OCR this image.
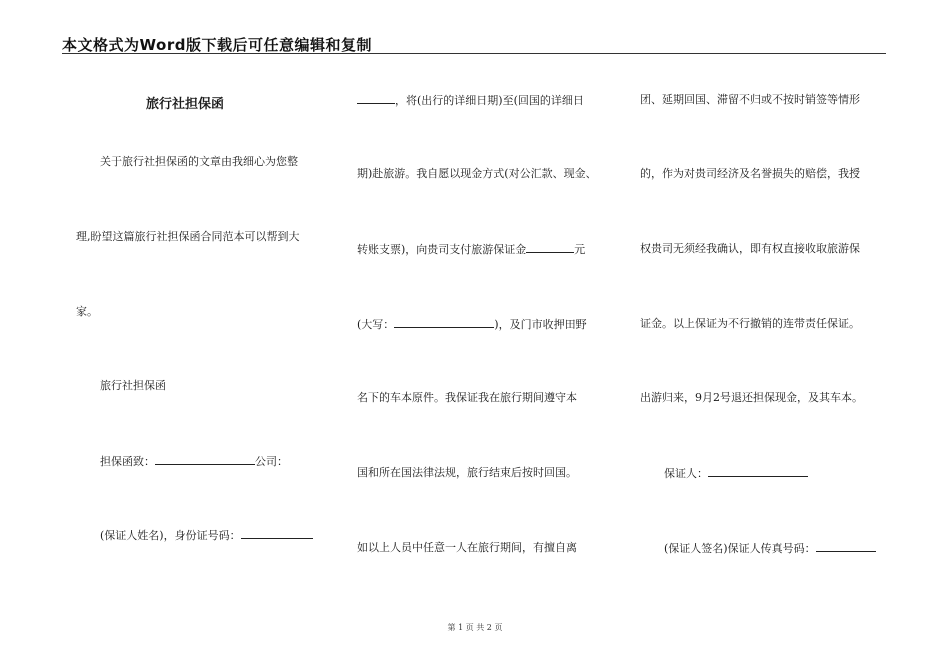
本文格式为Word版下载后可任意编辑和复制
旅行社担保函
关于旅行社担保函的文章由我细心为您整
理,盼望这篇旅行社担保函合同范本可以帮到大
家。
旅行社担保函
担保函致：	公司：
(保证人姓名)，身份证号码：
，将(出行的详细日期)至(回国的详细日
期)赴旅游。我自愿以现金方式(对公汇款、现金、
转账支票)，向贵司支付旅游保证金	元
(大写：	)，及门市收押田野
名下的车本原件。我保证我在旅行期间遵守本
国和所在国法律法规，旅行结束后按时回国。
如以上人员中任意一人在旅行期间，有擅自离
团、延期回国、滞留不归或不按时销签等情形
的，作为对贵司经济及名誉损失的赔偿，我授
权贵司无须经我确认，即有权直接收取旅游保
证金。以上保证为不行撤销的连带责任保证。
出游归来，9月2号退还担保现金，及其车本。
保证人：
(保证人签名)保证人传真号码：
第 1 页 共 2 页
